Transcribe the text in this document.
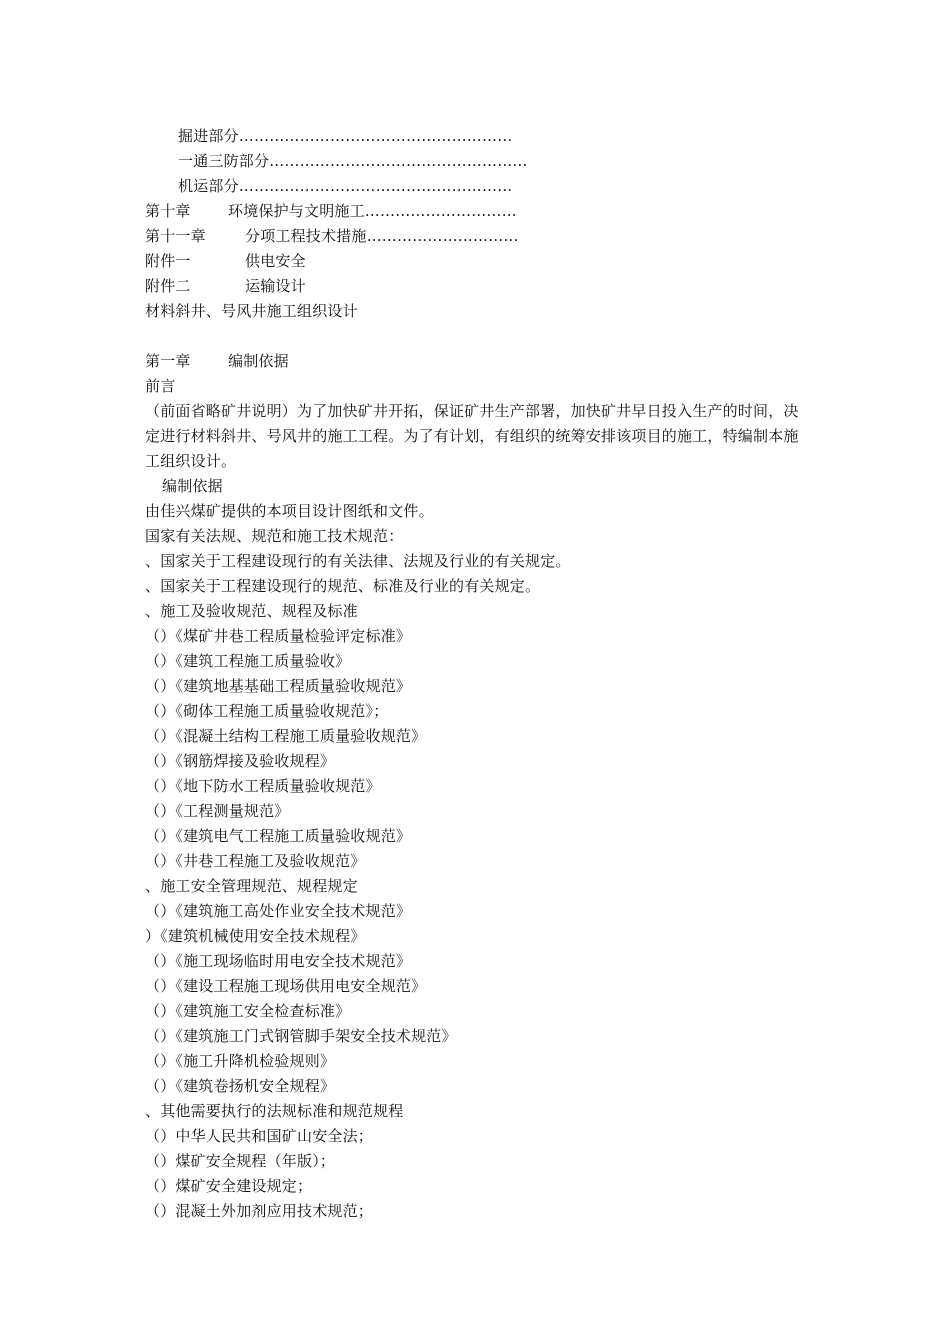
掘进部分………………………………………………
一通三防部分……………………………………………
机运部分………………………………………………
第十章 环境保护与文明施工…………………………
第十一章	分项工程技术措施…………………………
附件一	供电安全
附件二	运输设计
材料斜井、号风井施工组织设计
第一章 编制依据
前言
（前面省略矿井说明）为了加快矿井开拓，保证矿井生产部署，加快矿井早日投入生产的时间，决定进行材料斜井、号风井的施工工程。为了有计划，有组织的统筹安排该项目的施工，特编制本施工组织设计。
编制依据
由佳兴煤矿提供的本项目设计图纸和文件。
国家有关法规、规范和施工技术规范：
、国家关于工程建设现行的有关法律、法规及行业的有关规定。
、国家关于工程建设现行的规范、标准及行业的有关规定。
、施工及验收规范、规程及标准
（）《煤矿井巷工程质量检验评定标准》
（）《建筑工程施工质量验收》
（）《建筑地基基础工程质量验收规范》
（）《砌体工程施工质量验收规范》；
（）《混凝土结构工程施工质量验收规范》
（）《钢筋焊接及验收规程》
（）《地下防水工程质量验收规范》
（）《工程测量规范》
（）《建筑电气工程施工质量验收规范》
（）《井巷工程施工及验收规范》
、施工安全管理规范、规程规定
（）《建筑施工高处作业安全技术规范》
）《建筑机械使用安全技术规程》
（）《施工现场临时用电安全技术规范》
（）《建设工程施工现场供用电安全规范》
（）《建筑施工安全检查标准》
（）《建筑施工门式钢管脚手架安全技术规范》
（）《施工升降机检验规则》
（）《建筑卷扬机安全规程》
、其他需要执行的法规标准和规范规程
（）中华人民共和国矿山安全法；
（）煤矿安全规程（年版）；
（）煤矿安全建设规定；
（）混凝土外加剂应用技术规范；
